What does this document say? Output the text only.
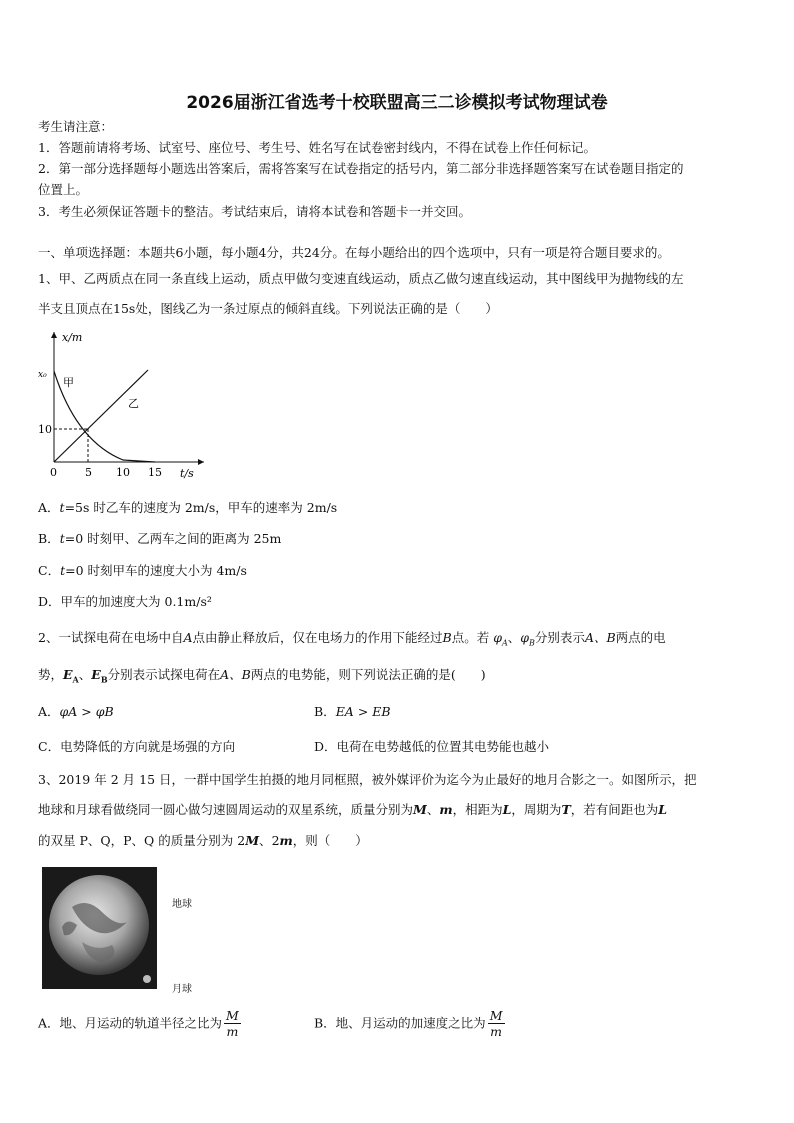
2026届浙江省选考十校联盟高三二诊模拟考试物理试卷
考生请注意：
1．答题前请将考场、试室号、座位号、考生号、姓名写在试卷密封线内，不得在试卷上作任何标记。
2．第一部分选择题每小题选出答案后，需将答案写在试卷指定的括号内，第二部分非选择题答案写在试卷题目指定的
位置上。
3．考生必须保证答题卡的整洁。考试结束后，请将本试卷和答题卡一并交回。
一、单项选择题：本题共6小题，每小题4分，共24分。在每小题给出的四个选项中，只有一项是符合题目要求的。
1、甲、乙两质点在同一条直线上运动，质点甲做匀变速直线运动，质点乙做匀速直线运动，其中图线甲为抛物线的左
半支且顶点在15s处，图线乙为一条过原点的倾斜直线。下列说法正确的是（　　）
x/m
x₀
甲
乙
10
0	5 10 15 t/s
A．t=5s 时乙车的速度为 2m/s，甲车的速率为 2m/s
B．t=0 时刻甲、乙两车之间的距离为 25m
C．t=0 时刻甲车的速度大小为 4m/s
D．甲车的加速度大为 0.1m/s²
2、一试探电荷在电场中自A点由静止释放后，仅在电场力的作用下能经过B点。若 $\varphi_A$、$\varphi_B$分别表示A、B两点的电
势，$E_A$、$E_B$分别表示试探电荷在A、B两点的电势能，则下列说法正确的是(　　)
A．φA > φB	B．EA > EB
C．电势降低的方向就是场强的方向	D．电荷在电势越低的位置其电势能也越小
3、2019 年 2 月 15 日，一群中国学生拍摄的地月同框照，被外媒评价为迄今为止最好的地月合影之一。如图所示，把
地球和月球看做绕同一圆心做匀速圆周运动的双星系统，质量分别为M、m，相距为L，周期为T，若有间距也为L
的双星 P、Q，P、Q 的质量分别为 2M、2m，则（　　）
地球
月球
A．地、月运动的轨道半径之比为 $\frac{M}{m}$	B．地、月运动的加速度之比为 $\frac{M}{m}$
